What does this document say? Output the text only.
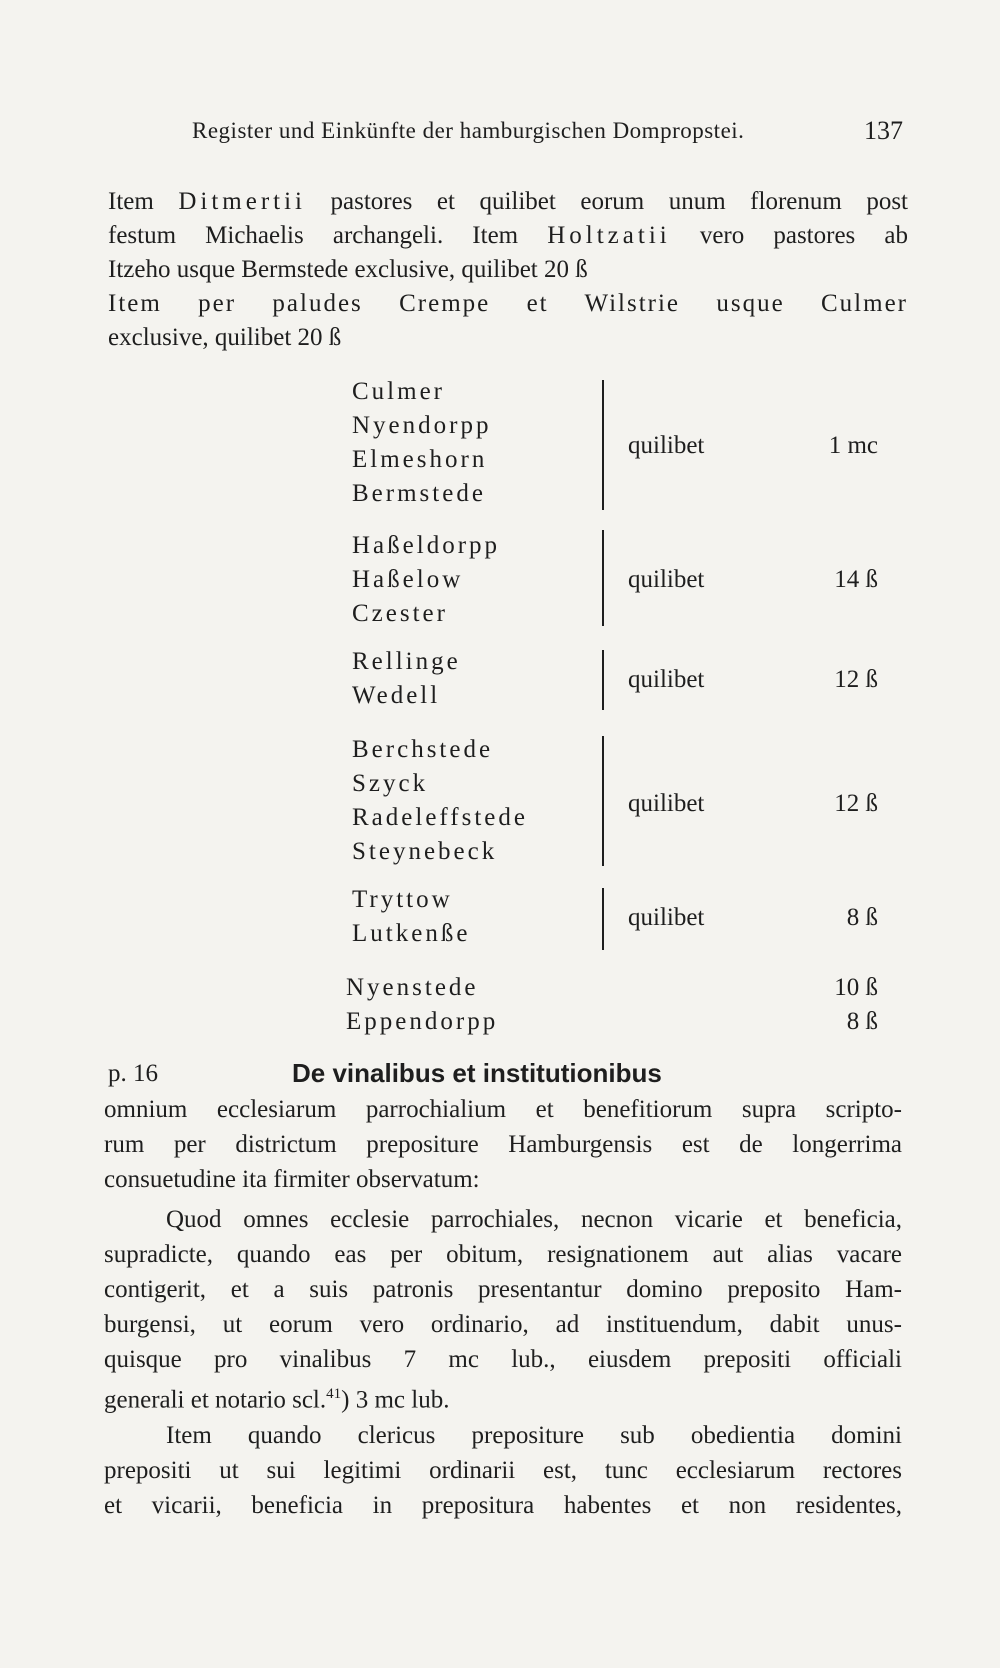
Register und Einkünfte der hamburgischen Dompropstei.	137
Item Ditmertii pastores et quilibet eorum unum florenum post
festum Michaelis archangeli. Item Holtzatii vero pastores ab
Itzeho usque Bermstede exclusive, quilibet 20 ß
Item per paludes Crempe et Wilstrie usque Culmer
exclusive, quilibet 20 ß
Culmer
Nyendorpp
Elmeshorn
Bermstede
quilibet	1 mc
Haßeldorpp
Haßelow
Czester
quilibet	14 ß
Rellinge
Wedell
quilibet	12 ß
Berchstede
Szyck
Radeleffstede
Steynebeck
quilibet	12 ß
Tryttow
Lutkenße
quilibet	8 ß
Nyenstede	10 ß
Eppendorpp	8 ß
p. 16	De vinalibus et institutionibus
omnium ecclesiarum parrochialium et benefitiorum supra scripto-
rum per districtum prepositure Hamburgensis est de longerrima
consuetudine ita firmiter observatum:
Quod omnes ecclesie parrochiales, necnon vicarie et beneficia,
supradicte, quando eas per obitum, resignationem aut alias vacare
contigerit, et a suis patronis presentantur domino preposito Ham-
burgensi, ut eorum vero ordinario, ad instituendum, dabit unus-
quisque pro vinalibus 7 mc lub., eiusdem prepositi officiali
generali et notario scl.$^{41}$) 3 mc lub.
Item quando clericus prepositure sub obedientia domini
prepositi ut sui legitimi ordinarii est, tunc ecclesiarum rectores
et vicarii, beneficia in prepositura habentes et non residentes,
